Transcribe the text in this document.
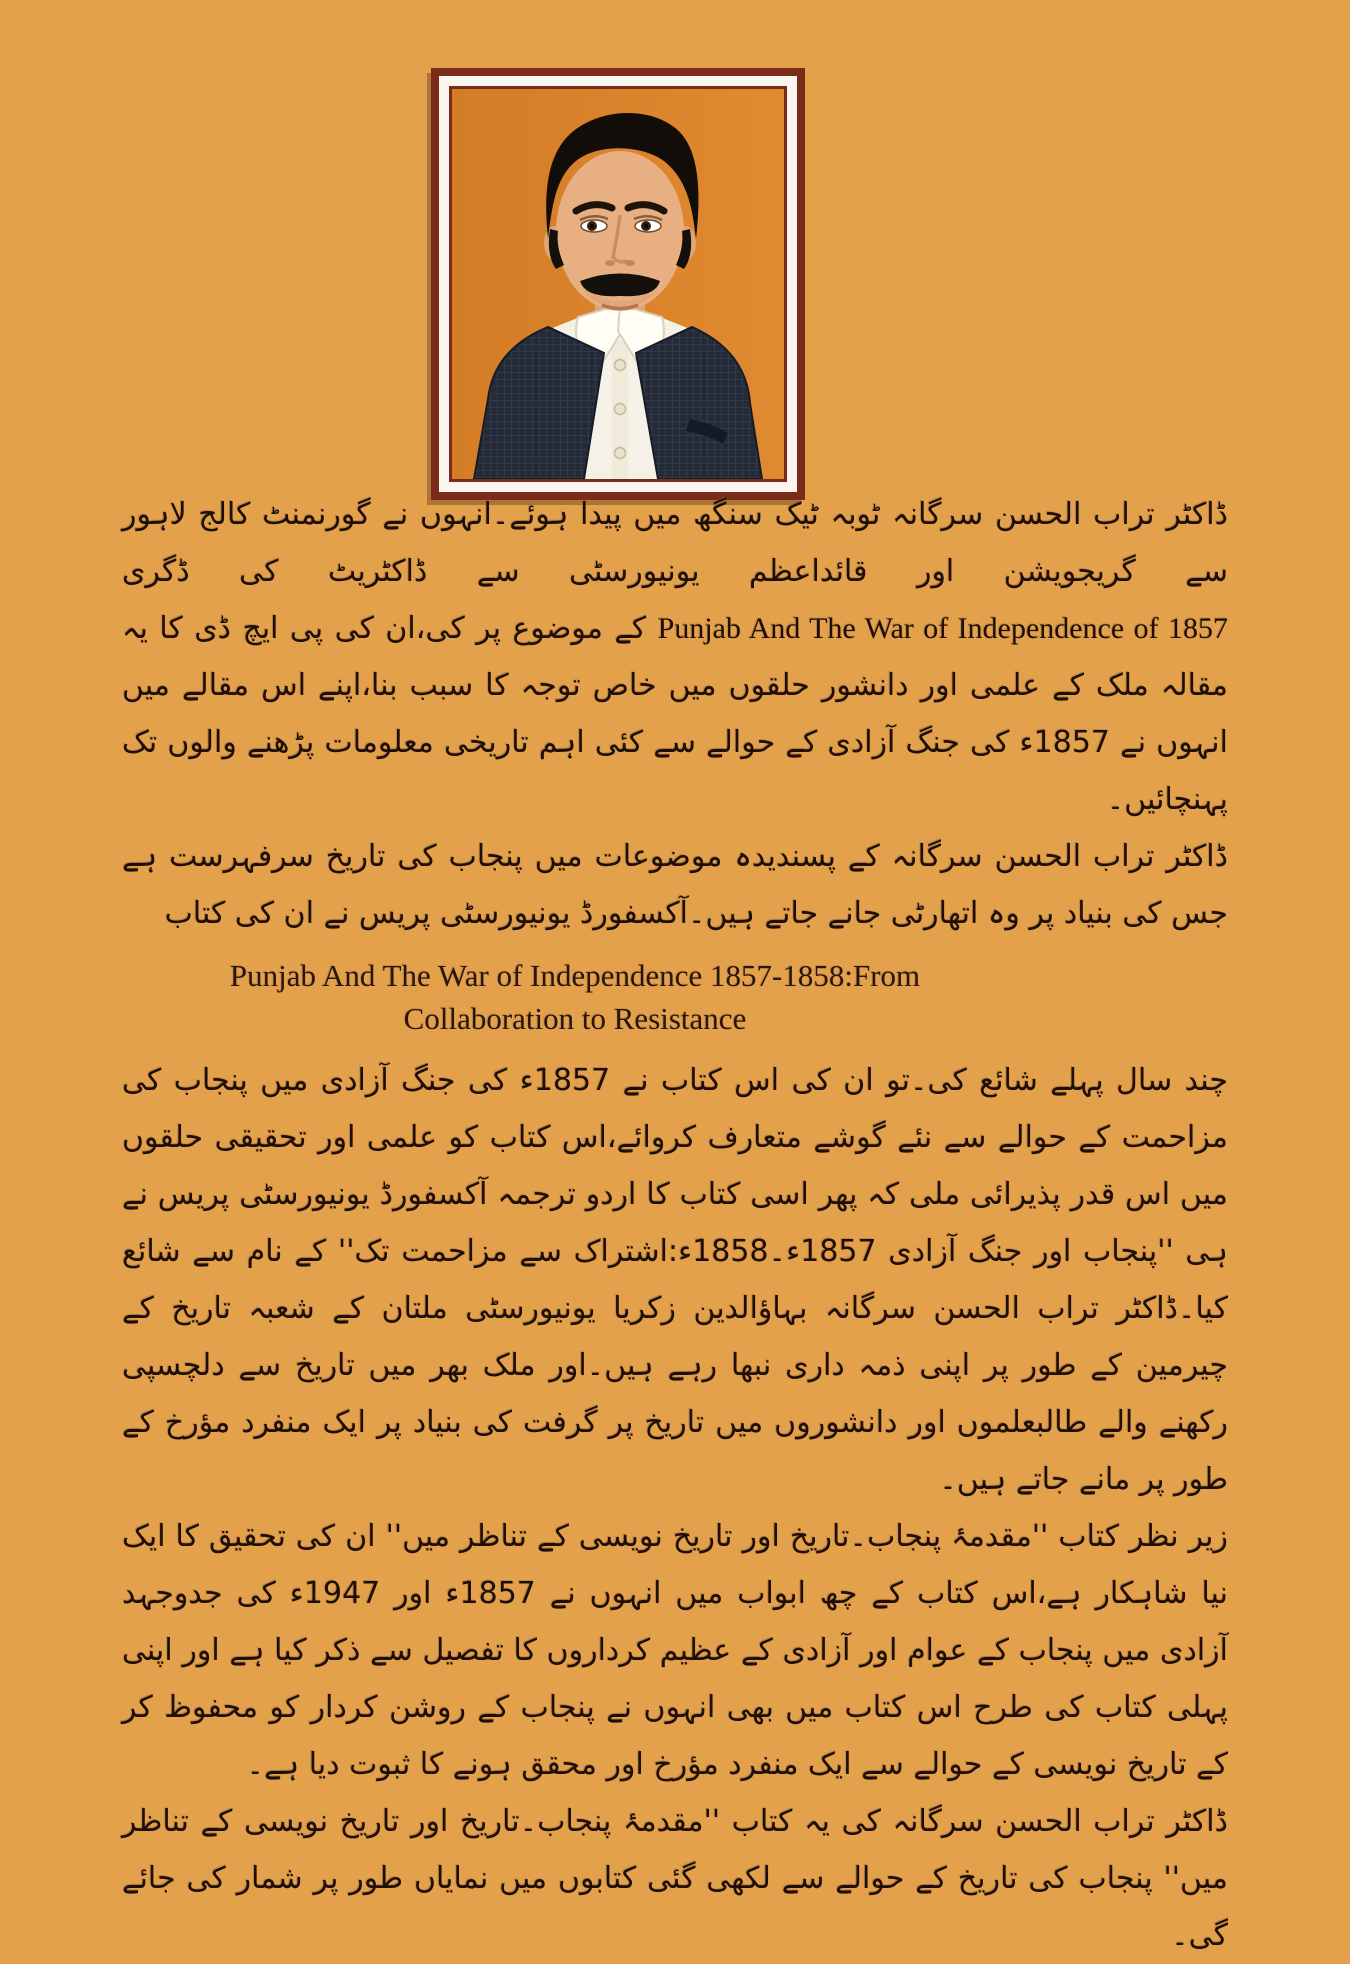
ڈاکٹر تراب الحسن سرگانہ ٹوبہ ٹیک سنگھ میں پیدا ہوئے۔انہوں نے گورنمنٹ کالج لاہور سے گریجویشن اور قائداعظم یونیورسٹی سے ڈاکٹریٹ کی ڈگری Punjab And The War of Independence of 1857 کے موضوع پر کی،ان کی پی ایچ ڈی کا یہ مقالہ ملک کے علمی اور دانشور حلقوں میں خاص توجہ کا سبب بنا،اپنے اس مقالے میں انہوں نے 1857ء کی جنگ آزادی کے حوالے سے کئی اہم تاریخی معلومات پڑھنے والوں تک پہنچائیں۔

ڈاکٹر تراب الحسن سرگانہ کے پسندیدہ موضوعات میں پنجاب کی تاریخ سرفہرست ہے جس کی بنیاد پر وہ اتھارٹی جانے جاتے ہیں۔آکسفورڈ یونیورسٹی پریس نے ان کی کتاب

Punjab And The War of Independence 1857-1858:From
Collaboration to Resistance

چند سال پہلے شائع کی۔تو ان کی اس کتاب نے 1857ء کی جنگ آزادی میں پنجاب کی مزاحمت کے حوالے سے نئے گوشے متعارف کروائے،اس کتاب کو علمی اور تحقیقی حلقوں میں اس قدر پذیرائی ملی کہ پھر اسی کتاب کا اردو ترجمہ آکسفورڈ یونیورسٹی پریس نے ہی ''پنجاب اور جنگ آزادی 1857ء۔1858ء:اشتراک سے مزاحمت تک'' کے نام سے شائع کیا۔ڈاکٹر تراب الحسن سرگانہ بہاؤالدین زکریا یونیورسٹی ملتان کے شعبہ تاریخ کے چیرمین کے طور پر اپنی ذمہ داری نبھا رہے ہیں۔اور ملک بھر میں تاریخ سے دلچسپی رکھنے والے طالبعلموں اور دانشوروں میں تاریخ پر گرفت کی بنیاد پر ایک منفرد مؤرخ کے طور پر مانے جاتے ہیں۔

زیر نظر کتاب ''مقدمۂ پنجاب۔تاریخ اور تاریخ نویسی کے تناظر میں'' ان کی تحقیق کا ایک نیا شاہکار ہے،اس کتاب کے چھ ابواب میں انہوں نے 1857ء اور 1947ء کی جدوجہد آزادی میں پنجاب کے عوام اور آزادی کے عظیم کرداروں کا تفصیل سے ذکر کیا ہے اور اپنی پہلی کتاب کی طرح اس کتاب میں بھی انہوں نے پنجاب کے روشن کردار کو محفوظ کر کے تاریخ نویسی کے حوالے سے ایک منفرد مؤرخ اور محقق ہونے کا ثبوت دیا ہے۔

ڈاکٹر تراب الحسن سرگانہ کی یہ کتاب ''مقدمۂ پنجاب۔تاریخ اور تاریخ نویسی کے تناظر میں'' پنجاب کی تاریخ کے حوالے سے لکھی گئی کتابوں میں نمایاں طور پر شمار کی جائے گی۔
